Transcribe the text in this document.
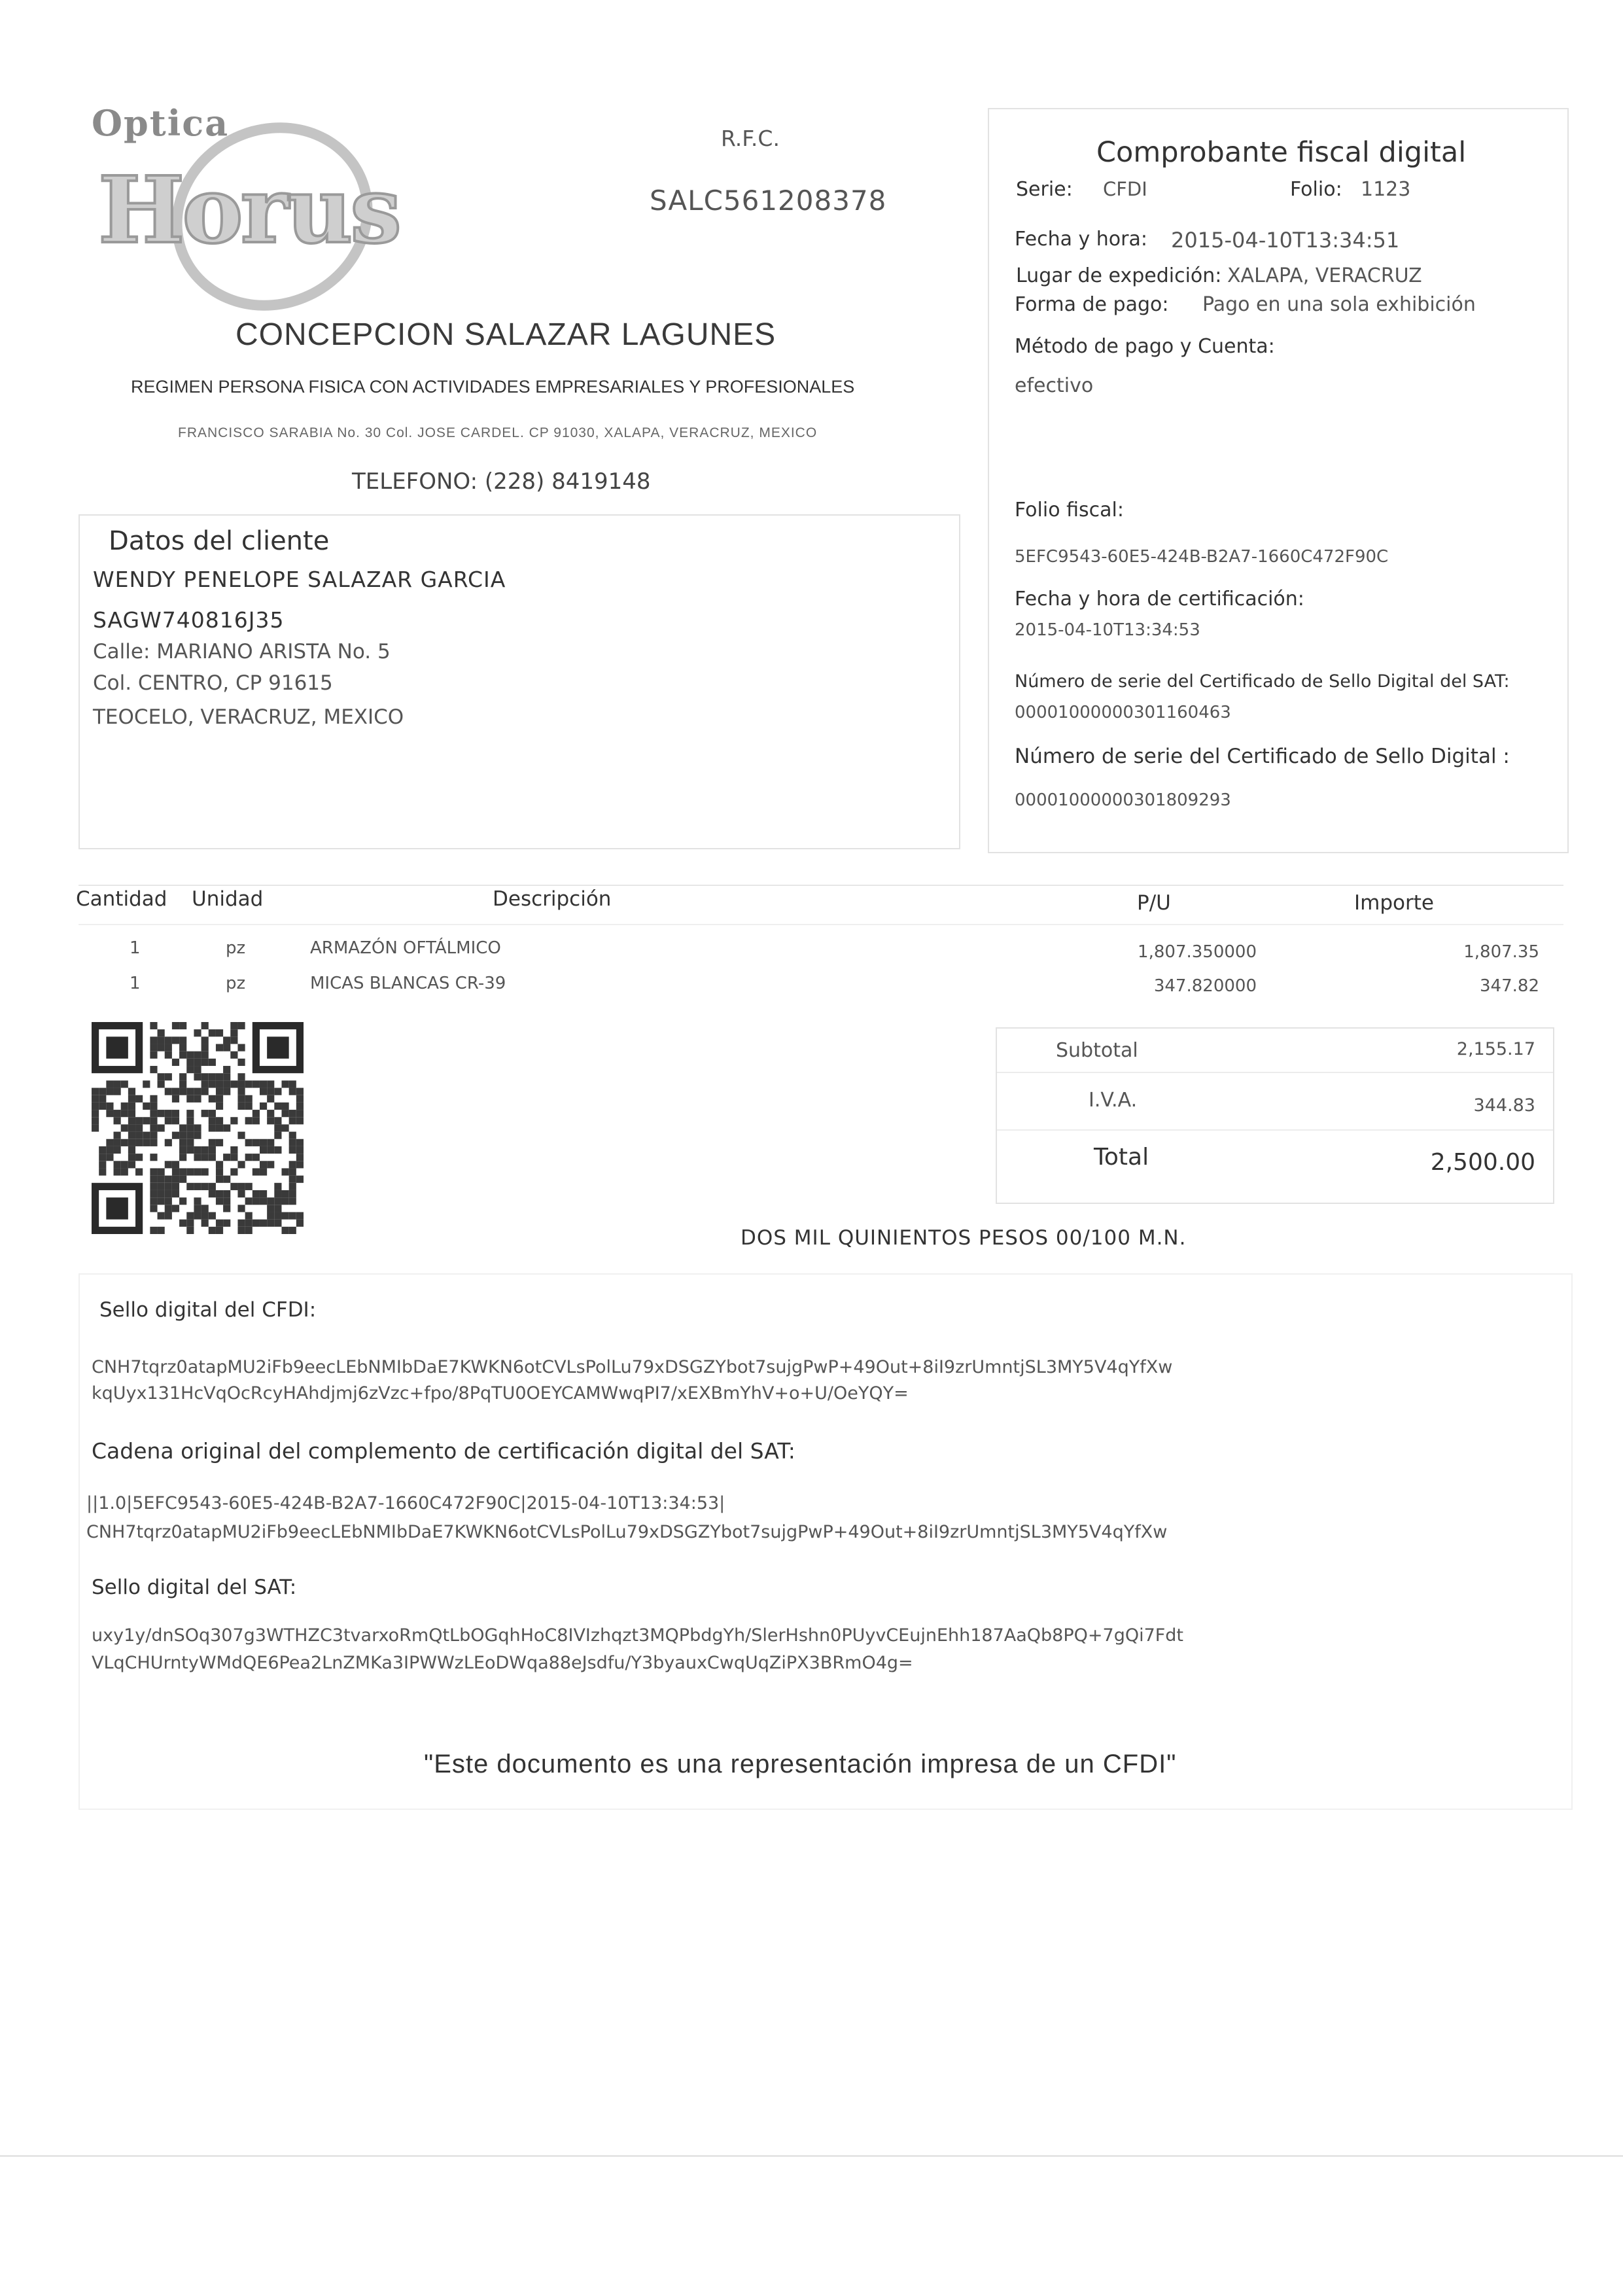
Optica
Horus
R.F.C.
SALC561208378
CONCEPCION SALAZAR LAGUNES
REGIMEN PERSONA FISICA CON ACTIVIDADES EMPRESARIALES Y PROFESIONALES
FRANCISCO SARABIA No. 30 Col. JOSE CARDEL. CP 91030, XALAPA, VERACRUZ, MEXICO
TELEFONO: (228) 8419148
Comprobante fiscal digital
Serie: CFDI	Folio: 1123
Fecha y hora: 2015-04-10T13:34:51
Lugar de expedición: XALAPA, VERACRUZ
Forma de pago: Pago en una sola exhibición
Método de pago y Cuenta:
efectivo
Folio fiscal:
5EFC9543-60E5-424B-B2A7-1660C472F90C
Fecha y hora de certificación:
2015-04-10T13:34:53
Número de serie del Certificado de Sello Digital del SAT:
00001000000301160463
Número de serie del Certificado de Sello Digital :
00001000000301809293
Datos del cliente
WENDY PENELOPE SALAZAR GARCIA
SAGW740816J35
Calle: MARIANO ARISTA No. 5
Col. CENTRO, CP 91615
TEOCELO, VERACRUZ, MEXICO
Cantidad Unidad	Descripción	P/U	Importe
1	pz	ARMAZÓN OFTÁLMICO	1,807.350000	1,807.35
1	pz	MICAS BLANCAS CR-39	347.820000	347.82
Subtotal	2,155.17
I.V.A.	344.83
Total	2,500.00
DOS MIL QUINIENTOS PESOS 00/100 M.N.
Sello digital del CFDI:
CNH7tqrz0atapMU2iFb9eecLEbNMIbDaE7KWKN6otCVLsPolLu79xDSGZYbot7sujgPwP+49Out+8iI9zrUmntjSL3MY5V4qYfXw
kqUyx131HcVqOcRcyHAhdjmj6zVzc+fpo/8PqTU0OEYCAMWwqPI7/xEXBmYhV+o+U/OeYQY=
Cadena original del complemento de certificación digital del SAT:
||1.0|5EFC9543-60E5-424B-B2A7-1660C472F90C|2015-04-10T13:34:53|
CNH7tqrz0atapMU2iFb9eecLEbNMIbDaE7KWKN6otCVLsPolLu79xDSGZYbot7sujgPwP+49Out+8iI9zrUmntjSL3MY5V4qYfXw
Sello digital del SAT:
uxy1y/dnSOq307g3WTHZC3tvarxoRmQtLbOGqhHoC8IVIzhqzt3MQPbdgYh/SlerHshn0PUyvCEujnEhh187AaQb8PQ+7gQi7Fdt
VLqCHUrntyWMdQE6Pea2LnZMKa3IPWWzLEoDWqa88eJsdfu/Y3byauxCwqUqZiPX3BRmO4g=
"Este documento es una representación impresa de un CFDI"
